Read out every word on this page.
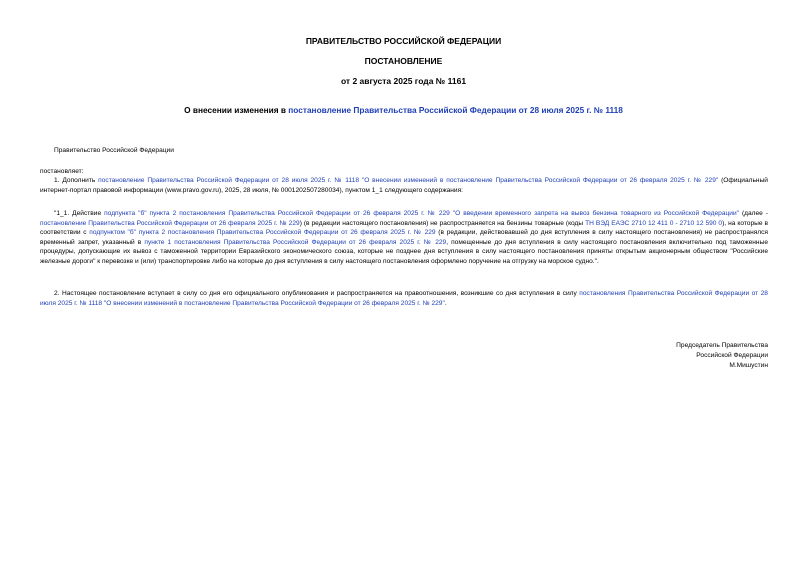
ПРАВИТЕЛЬСТВО РОССИЙСКОЙ ФЕДЕРАЦИИ
ПОСТАНОВЛЕНИЕ
от 2 августа 2025 года № 1161
О внесении изменения в постановление Правительства Российской Федерации от 28 июля 2025 г. № 1118
Правительство Российской Федерации
постановляет:
1. Дополнить постановление Правительства Российской Федерации от 28 июля 2025 г. № 1118 "О внесении изменений в постановление Правительства Российской Федерации от 26 февраля 2025 г. № 229" (Официальный интернет-портал правовой информации (www.pravo.gov.ru), 2025, 28 июля, № 0001202507280034), пунктом 1_1 следующего содержания:
"1_1. Действие подпункта "б" пункта 2 постановления Правительства Российской Федерации от 26 февраля 2025 г. № 229 "О введении временного запрета на вывоз бензина товарного из Российской Федерации" (далее - постановление Правительства Российской Федерации от 26 февраля 2025 г. № 229) (в редакции настоящего постановления) не распространяется на бензины товарные (коды ТН ВЭД ЕАЭС 2710 12 411 0 - 2710 12 590 0), на которые в соответствии с подпунктом "б" пункта 2 постановления Правительства Российской Федерации от 26 февраля 2025 г. № 229 (в редакции, действовавшей до дня вступления в силу настоящего постановления) не распространялся временный запрет, указанный в пункте 1 постановления Правительства Российской Федерации от 26 февраля 2025 г. № 229, помещенные до дня вступления в силу настоящего постановления включительно под таможенные процедуры, допускающие их вывоз с таможенной территории Евразийского экономического союза, которые не позднее дня вступления в силу настоящего постановления приняты открытым акционерным обществом "Российские железные дороги" к перевозке и (или) транспортировке либо на которые до дня вступления в силу настоящего постановления оформлено поручение на отгрузку на морское судно.".
2. Настоящее постановление вступает в силу со дня его официального опубликования и распространяется на правоотношения, возникшие со дня вступления в силу постановления Правительства Российской Федерации от 28 июля 2025 г. № 1118 "О внесении изменений в постановление Правительства Российской Федерации от 26 февраля 2025 г. № 229".
Председатель Правительства
Российской Федерации
М.Мишустин
